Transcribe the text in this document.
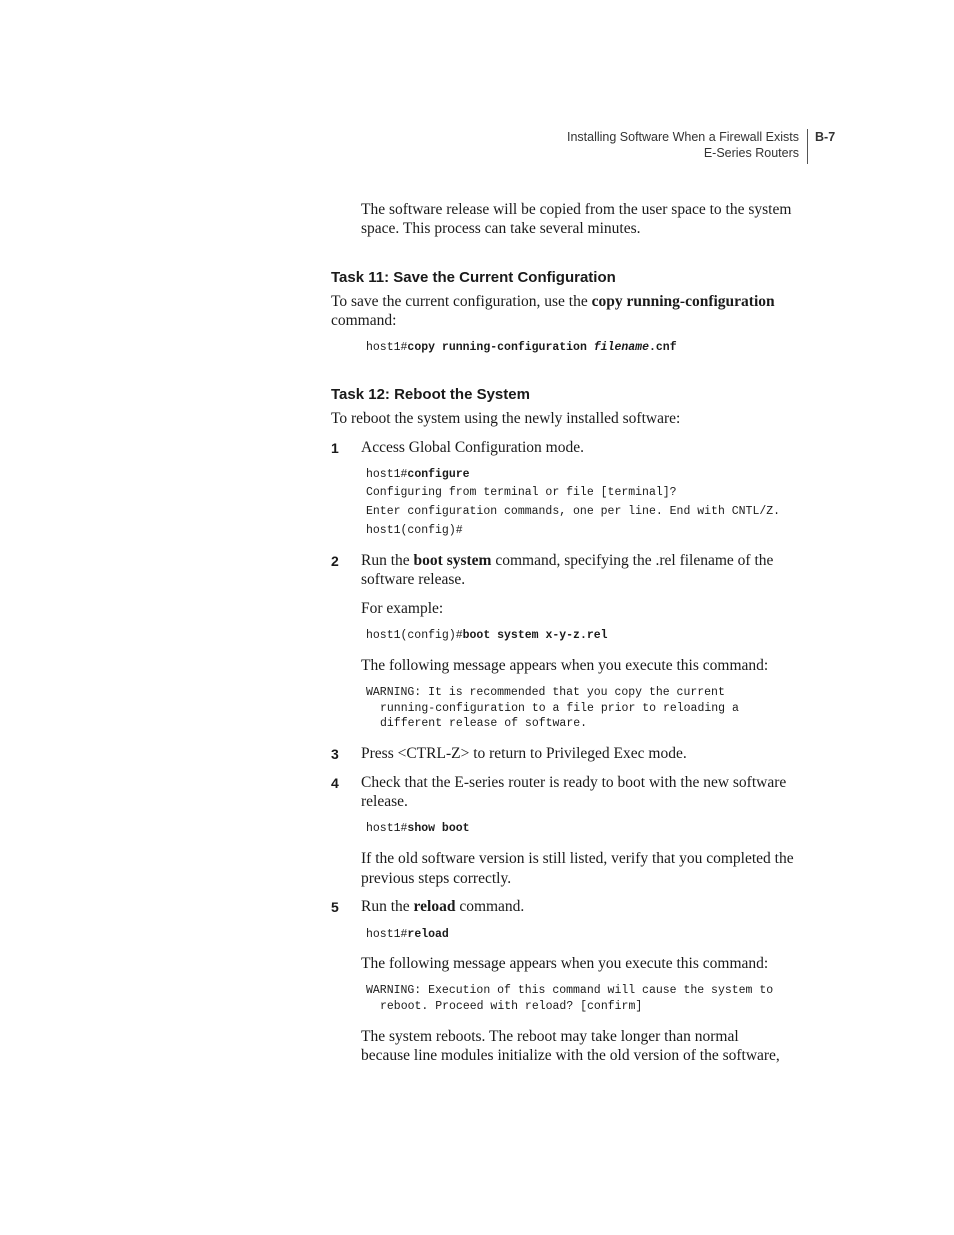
Installing Software When a Firewall Exists
E-Series Routers
B-7
The software release will be copied from the user space to the system
space. This process can take several minutes.
Task 11: Save the Current Configuration
To save the current configuration, use the copy running-configuration
command:
host1#copy running-configuration filename.cnf
Task 12: Reboot the System
To reboot the system using the newly installed software:
1 Access Global Configuration mode.
host1#configure
Configuring from terminal or file [terminal]?
Enter configuration commands, one per line. End with CNTL/Z.
host1(config)#
2 Run the boot system command, specifying the .rel filename of the
software release.
For example:
host1(config)#boot system x-y-z.rel
The following message appears when you execute this command:
WARNING: It is recommended that you copy the current
running-configuration to a file prior to reloading a
different release of software.
3 Press <CTRL-Z> to return to Privileged Exec mode.
4 Check that the E-series router is ready to boot with the new software
release.
host1#show boot
If the old software version is still listed, verify that you completed the
previous steps correctly.
5 Run the reload command.
host1#reload
The following message appears when you execute this command:
WARNING: Execution of this command will cause the system to
reboot. Proceed with reload? [confirm]
The system reboots. The reboot may take longer than normal
because line modules initialize with the old version of the software,
